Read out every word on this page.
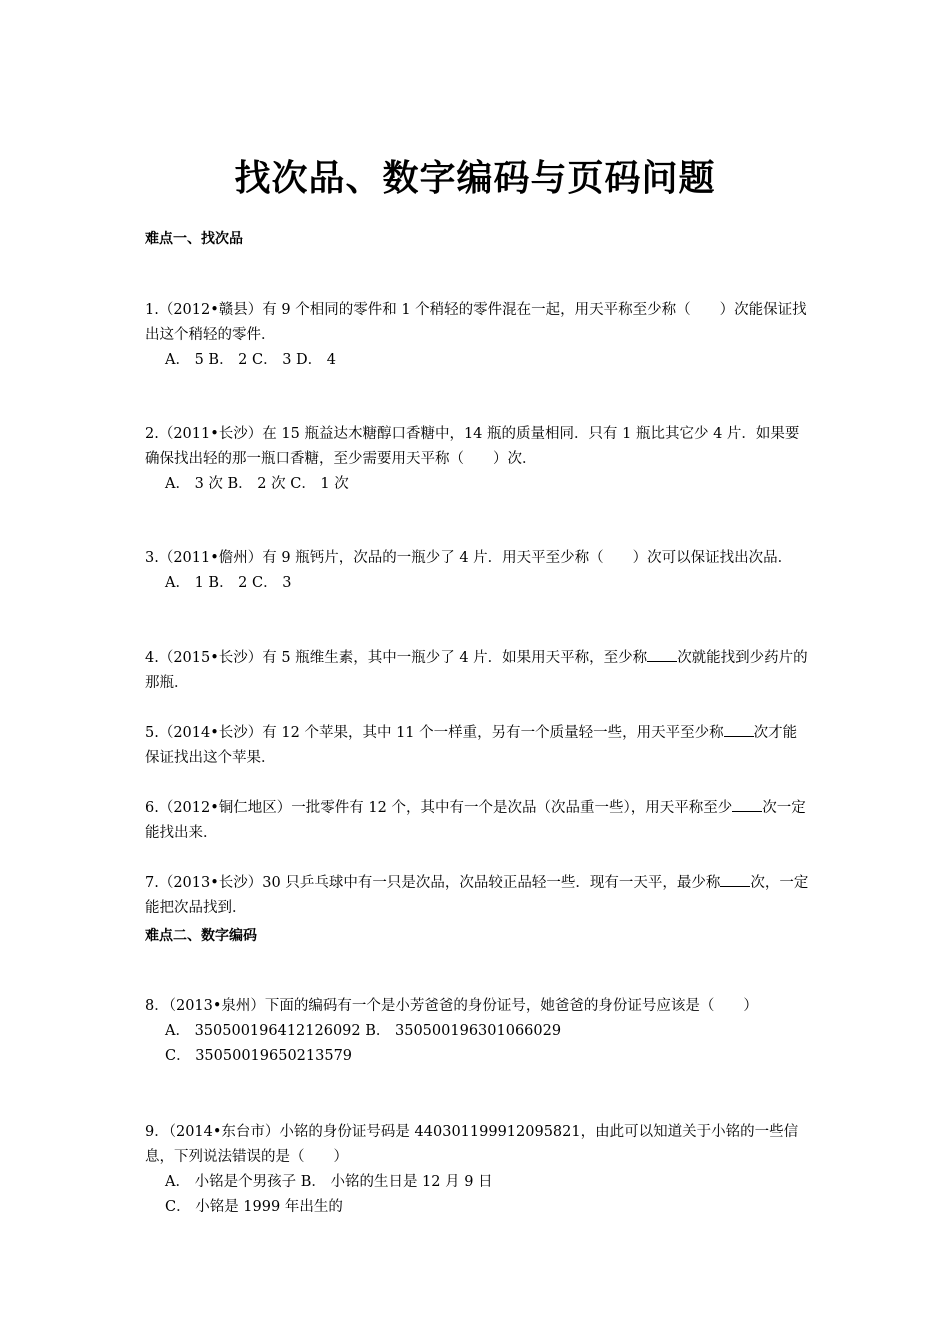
找次品、数字编码与页码问题
难点一、找次品
1.（2012•赣县）有 9 个相同的零件和 1 个稍轻的零件混在一起，用天平称至少称（　　）次能保证找出这个稍轻的零件．
A． 5 B． 2 C． 3 D． 4
2.（2011•长沙）在 15 瓶益达木糖醇口香糖中，14 瓶的质量相同．只有 1 瓶比其它少 4 片．如果要确保找出轻的那一瓶口香糖，至少需要用天平称（　　）次．
A． 3 次 B． 2 次 C． 1 次
3.（2011•儋州）有 9 瓶钙片，次品的一瓶少了 4 片．用天平至少称（　　）次可以保证找出次品．
A． 1 B． 2 C． 3
4.（2015•长沙）有 5 瓶维生素，其中一瓶少了 4 片．如果用天平称，至少称 次就能找到少药片的那瓶．
5.（2014•长沙）有 12 个苹果，其中 11 个一样重，另有一个质量轻一些，用天平至少称 次才能保证找出这个苹果．
6.（2012•铜仁地区）一批零件有 12 个，其中有一个是次品（次品重一些），用天平称至少 次一定能找出来．
7.（2013•长沙）30 只乒乓球中有一只是次品，次品较正品轻一些．现有一天平，最少称 次，一定能把次品找到．
难点二、数字编码
8．（2013•泉州）下面的编码有一个是小芳爸爸的身份证号，她爸爸的身份证号应该是（　　）
A． 350500196412126092 B． 350500196301066029
C． 35050019650213579
9．（2014•东台市）小铭的身份证号码是 440301199912095821，由此可以知道关于小铭的一些信息，下列说法错误的是（　　）
A． 小铭是个男孩子 B． 小铭的生日是 12 月 9 日
C． 小铭是 1999 年出生的
